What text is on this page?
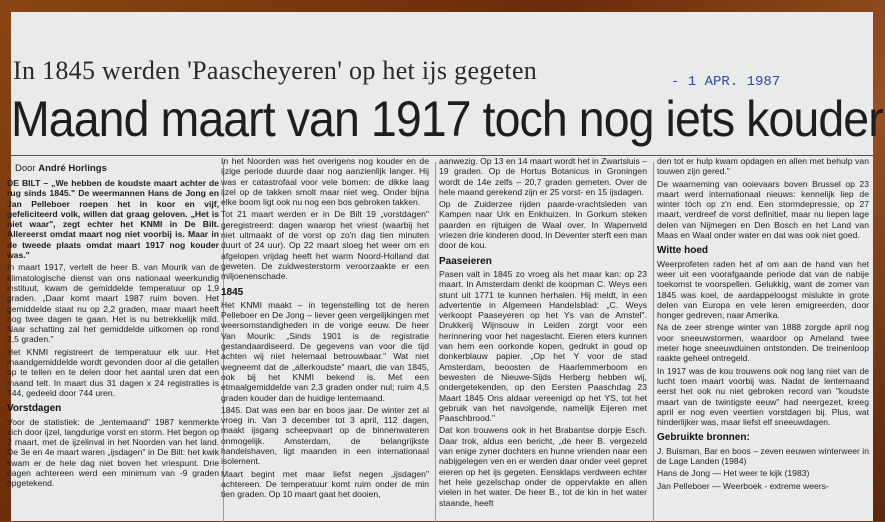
In 1845 werden 'Paascheyeren' op het ijs gegeten	- 1 APR. 1987
Maand maart van 1917 toch nog iets kouder
Door André Horlings

DE BILT – „We hebben de koudste maart achter de rug sinds 1845." De weermannen Hans de Jong en Jan Pelleboer roepen het in koor en vijf, gefeliciteerd volk, willen dat graag geloven. „Het is niet waar", zegt echter het KNMI in De Bilt. Allereerst omdat maart nog niet voorbij is. Maar in de tweede plaats omdat maart 1917 nog kouder was."

In maart 1917, vertelt de heer B. van Mourik van de klimatologische dienst van ons nationaal weerkundig instituut, kwam de gemiddelde temperatuur op 1,9 graden. „Daar komt maart 1987 ruim boven. Het gemiddelde staat nu op 2,2 graden, maar maart heeft nog twee dagen te gaan. Het is nu betrekkelijk mild. Naar schatting zal het gemiddelde uitkomen op rond 2,5 graden."

Het KNMI registreert de temperatuur elk uur. Het maandgemiddelde wordt gevonden door al die getallen op te tellen en te delen door het aantal uren dat een maand telt. In maart dus 31 dagen x 24 registraties is 744, gedeeld door 744 uren.

Vorstdagen

Voor de statistiek: de „lentemaand" 1987 kenmerkte zich door ijzel, langdurige vorst en storm. Het begon op 2 maart, met de ijzelinval in het Noorden van het land. De 3e en 4e maart waren „ijsdagen" in De Bilt: het kwik kwam er de hele dag niet boven het vriespunt. Drie dagen achtereen werd een minimum van -9 graden opgetekend.

In het Noorden was het overigens nog kouder en de ijzige periode duurde daar nog aanzienlijk langer. Hij was er catastrofaal voor vele bomen: de dikke laag ijzel op de takken smolt maar niet weg. Onder bijna elke boom ligt ook nu nog een bos gebroken takken.

Tot 21 maart werden er in De Bilt 19 „vorstdagen" geregistreerd: dagen waarop het vriest (waarbij het niet uitmaakt of de vorst op zo'n dag tien minuten duurt of 24 uur). Op 22 maart sloeg het weer om en afgelopen vrijdag heeft het warm Noord-Holland dat geweten. De zuidwesterstorm veroorzaakte er een miljoenenschade.

1845

Het KNMI maakt – in tegenstelling tot de heren Pelleboer en De Jong – liever geen vergelijkingen met weersomstandigheden in de vorige eeuw. De heer Van Mourik: „Sinds 1901 is de registratie gestandaardiseerd. De gegevens van voor die tijd achten wij niet helemaal betrouwbaar." Wat niet wegneemt dat de „allerkoudste" maart, die van 1845, ook bij het KNMI bekend is. Met een etmaalgemiddelde van 2,3 graden onder nul; ruim 4,5 graden kouder dan de huidige lentemaand.

1845. Dat was een bar en boos jaar. De winter zet al vroeg in. Van 3 december tot 3 april, 112 dagen, maakt ijsgang scheepvaart op de binnenwateren onmogelijk. Amsterdam, de belangrijkste handelshaven, ligt maanden in een internationaal isolement.

Maart begint met maar liefst negen „ijsdagen" achtereen. De temperatuur komt ruim onder de min tien graden. Op 10 maart gaat het dooien,

aanwezig. Op 13 en 14 maart wordt het in Zwartsluis – 19 graden. Op de Hortus Botanicus in Groningen wordt de 14e zelfs – 20,7 graden gemeten. Over de hele maand gerekend zijn er 25 vorst- en 15 ijsdagen.

Op de Zuiderzee rijden paarde-vrachtsleden van Kampen naar Urk en Enkhuizen. In Gorkum steken paarden en rijtuigen de Waal over. In Wapenveld vriezen drie kinderen dood. In Deventer sterft een man door de kou.

Paaseieren

Pasen valt in 1845 zo vroeg als het maar kan: op 23 maart. In Amsterdam denkt de koopman C. Weys een stunt uit 1771 te kunnen herhalen. Hij meldt, in een advertentie in Algemeen Handelsblad: „C. Weys verkoopt Paaseyeren op het Ys van de Amstel". Drukkerij Wijnsouw in Leiden zorgt voor een herinnering voor het nageslacht. Eieren eters kunnen van hem een oorkonde kopen, gedrukt in goud op donkerblauw papier. „Op het Y voor de stad Amsterdam, beoosten de Haarlemmerboom en bewesten de Nieuwe-Sijds Herberg hebben wij, ondergetekenden, op den Eersten Paaschdag 23 Maart 1845 Ons aldaar vereenigd op het YS, tot het gebruik van het navolgende, namelijk Eijeren met Paaschbrood."

Dat kon trouwens ook in het Brabantse dorpje Esch. Daar trok, aldus een bericht, „de heer B. vergezeld van enige zyner dochters en hunne vrienden naar een nabijgelegen ven en er werden daar onder veel gepret eieren op het ijs gegeten. Eensklaps verdween echter het hele gezelschap onder de oppervlakte en allen vielen in het water. De heer B., tot de kin in het water staande, heeft

den tot er hulp kwam opdagen en allen met behulp van touwen zijn gered."

De waarneming van ooievaars boven Brussel op 23 maart werd internationaal nieuws: kennelijk liep de winter tóch op z'n end. Een stormdepressie, op 27 maart, verdreef de vorst definitief, maar nu liepen lage delen van Nijmegen en Den Bosch en het Land van Maas en Waal onder water en dat was ook niet goed.

Witte hoed

Weerprofeten raden het af om aan de hand van het weer uit een voorafgaande periode dat van de nabije toekomst te voorspellen. Gelukkig, want de zomer van 1845 was koel, de aardappeloogst mislukte in grote delen van Europa en vele leren emigreerden, door honger gedreven, naar Amerika.

Na de zeer strenge winter van 1888 zorgde april nog voor sneeuwstormen, waardoor op Ameland twee meter hoge sneeuwduinen ontstonden. De treinenloop raakte geheel ontregeld.

In 1917 was de kou trouwens ook nog lang niet van de lucht toen maart voorbij was. Nadat de lentemaand eerst het ook nu niet gebroken record van "koudste maart van de twintigste eeuw" had neergezet, kreeg april er nog even veertien vorstdagen bij. Plus, wat hinderlijker was, maar liefst elf sneeuwdagen.

Gebruikte bronnen:

J. Buisman, Bar en boos – zeven eeuwen winterweer in de Lage Landen (1984)

Hans de Jong — Het weer te kijk (1983)

Jan Pelleboer — Weerboek - extreme weers-
